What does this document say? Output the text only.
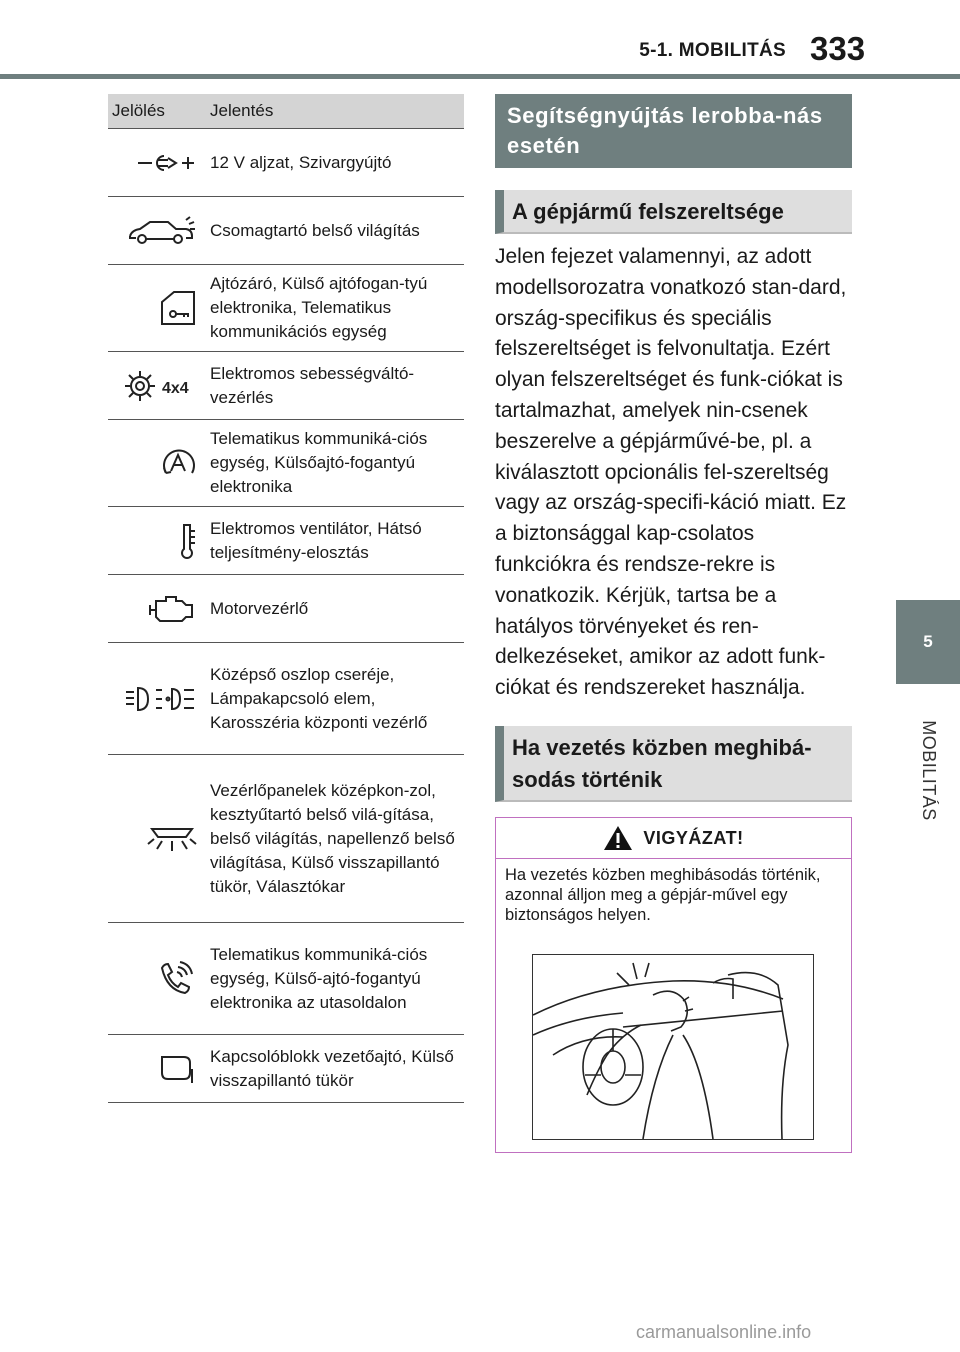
5-1. MOBILITÁS 333
5
MOBILITÁS
Jelölés	Jelentés
	12 V aljzat, Szivargyújtó
	Csomagtartó belső világítás
	Ajtózáró, Külső ajtófogan-tyú elektronika, Telematikus kommunikációs egység

4x4	Elektromos sebességváltó-vezérlés
	Telematikus kommuniká-ciós egység, Külsőajtó-fogantyú elektronika
	Elektromos ventilátor, Hátsó teljesítmény-elosztás
	Motorvezérlő
	Középső oszlop cseréje, Lámpakapcsoló elem, Karosszéria központi vezérlő
	Vezérlőpanelek középkon-zol, kesztyűtartó belső vilá-gítása, belső világítás, napellenző belső világítása, Külső visszapillantó tükör, Választókar
	Telematikus kommuniká-ciós egység, Külső-ajtó-fogantyú elektronika az utasoldalon
	Kapcsolóblokk vezetőajtó, Külső visszapillantó tükör
Segítségnyújtás lerobba-nás esetén
A gépjármű felszereltsége

Jelen fejezet valamennyi, az adott modellsorozatra vonatkozó stan-dard, ország-specifikus és speciális felszereltséget is felvonultatja. Ezért olyan felszereltséget és funk-ciókat is tartalmazhat, amelyek nin-csenek beszerelve a gépjárművé-be, pl. a kiválasztott opcionális fel-szereltség vagy az ország-specifi-káció miatt. Ez a biztonsággal kap-csolatos funkciókra és rendsze-rekre is vonatkozik. Kérjük, tartsa be a hatályos törvényeket és ren-delkezéseket, amikor az adott funk-ciókat és rendszereket használja.

Ha vezetés közben meghibá-sodás történik
VIGYÁZAT!

Ha vezetés közben meghibásodás történik, azonnal álljon meg a gépjár-művel egy biztonságos helyen.

carmanualsonline.info
